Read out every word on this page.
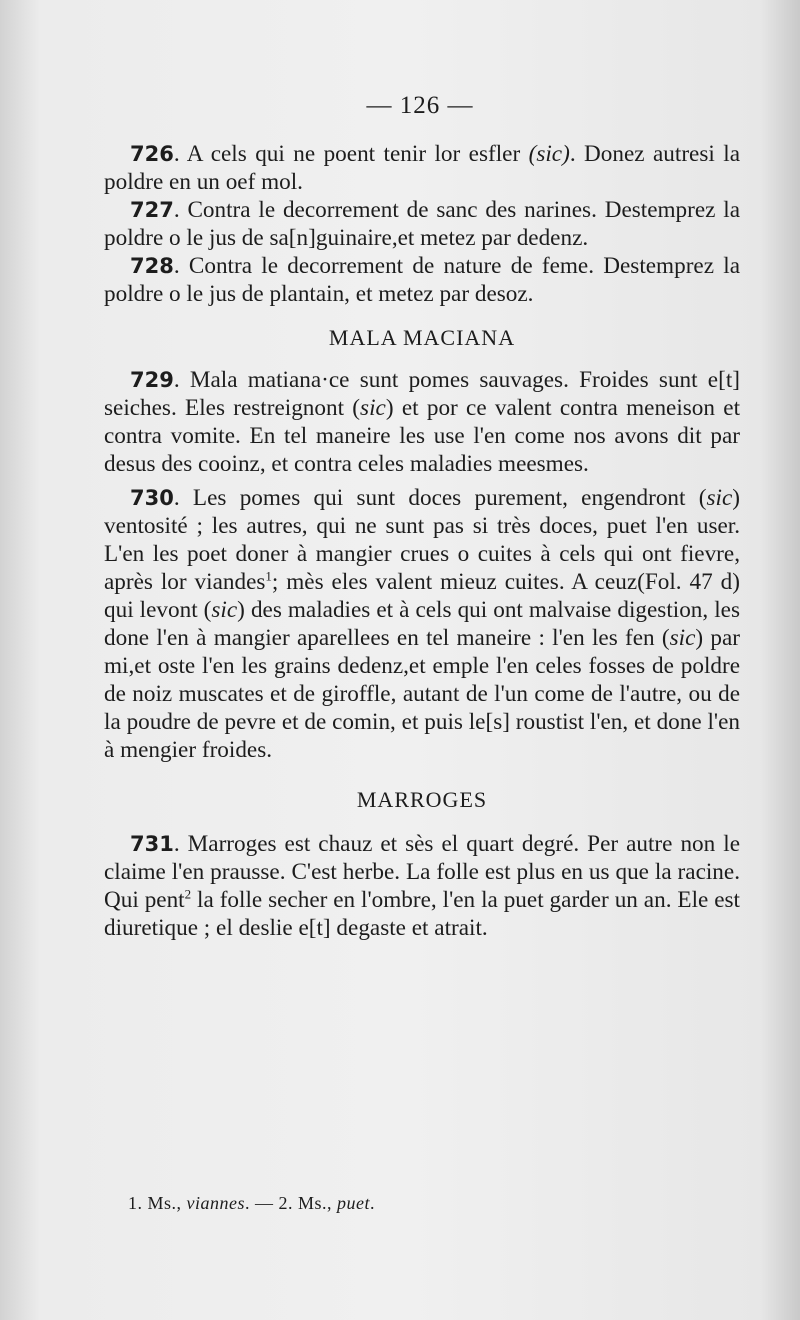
— 126 —

726. A cels qui ne poent tenir lor esfler (sic). Donez autresi la poldre en un oef mol.

727. Contra le decorrement de sanc des narines. Destemprez la poldre o le jus de sa[n]guinaire,et metez par dedenz.

728. Contra le decorrement de nature de feme. Destemprez la poldre o le jus de plantain, et metez par desoz.

MALA MACIANA

729. Mala matiana·ce sunt pomes sauvages. Froides sunt e[t] seiches. Eles restreignont (sic) et por ce valent contra meneison et contra vomite. En tel maneire les use l'en come nos avons dit par desus des cooinz, et contra celes maladies meesmes.

730. Les pomes qui sunt doces purement, engendront (sic) ventosité ; les autres, qui ne sunt pas si très doces, puet l'en user. L'en les poet doner à mangier crues o cuites à cels qui ont fievre, après lor viandes$^1$; mès eles valent mieuz cuites. A ceuz(Fol. 47 d) qui levont (sic) des maladies et à cels qui ont malvaise digestion, les done l'en à mangier aparellees en tel maneire : l'en les fen (sic) par mi,et oste l'en les grains dedenz,et emple l'en celes fosses de poldre de noiz muscates et de giroffle, autant de l'un come de l'autre, ou de la poudre de pevre et de comin, et puis le[s] roustist l'en, et done l'en à mengier froides.

MARROGES

731. Marroges est chauz et sès el quart degré. Per autre non le claime l'en prausse. C'est herbe. La folle est plus en us que la racine. Qui pent$^2$ la folle secher en l'ombre, l'en la puet garder un an. Ele est diuretique ; el deslie e[t] degaste et atrait.

1. Ms., viannes. — 2. Ms., puet.
